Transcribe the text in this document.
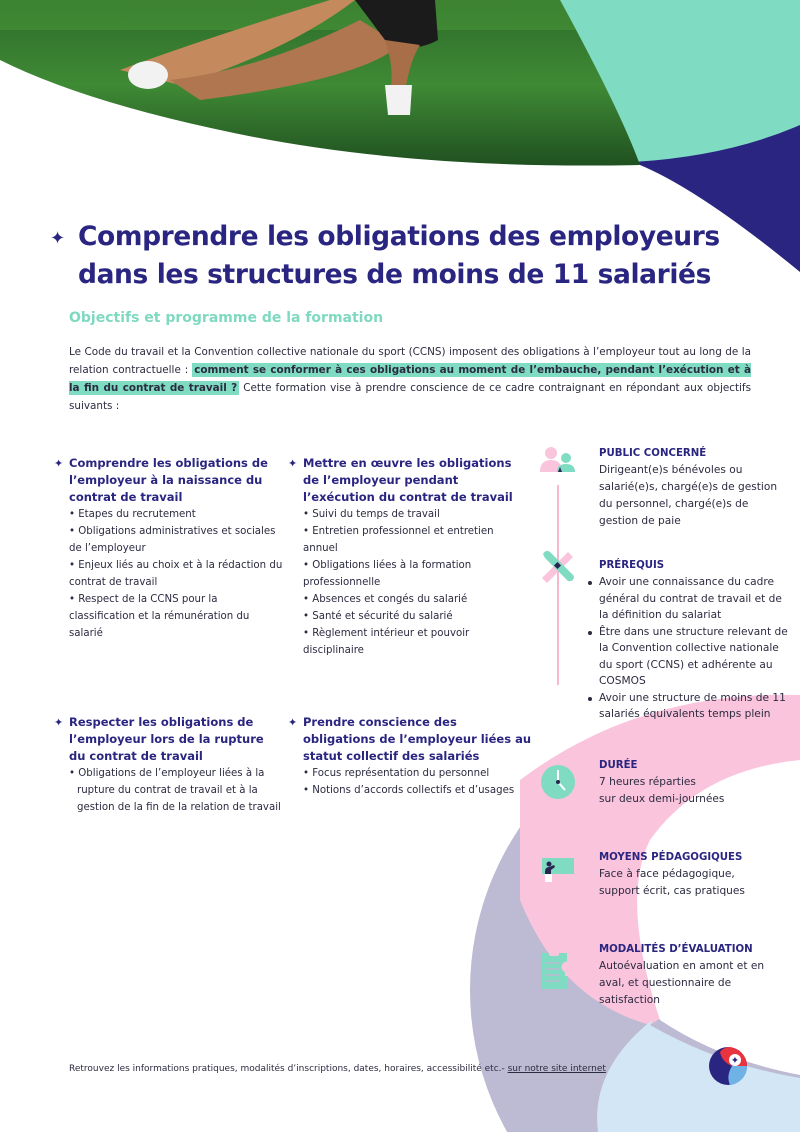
✦ Comprendre les obligations des employeurs
dans les structures de moins de 11 salariés
Objectifs et programme de la formation

Le Code du travail et la Convention collective nationale du sport (CCNS) imposent des obligations à l’employeur tout au long de la relation contractuelle : comment se conformer à ces obligations au moment de l’embauche, pendant l’exécution et à la fin du contrat de travail ? Cette formation vise à prendre conscience de ce cadre contraignant en répondant aux objectifs suivants :

✦ Comprendre les obligations de l’employeur à la naissance du contrat de travail
• Etapes du recrutement
• Obligations administratives et sociales de l’employeur
• Enjeux liés au choix et à la rédaction du contrat de travail
• Respect de la CCNS pour la classification et la rémunération du salarié
✦ Mettre en œuvre les obligations de l’employeur pendant l’exécution du contrat de travail
• Suivi du temps de travail
• Entretien professionnel et entretien annuel
• Obligations liées à la formation professionnelle
• Absences et congés du salarié
• Santé et sécurité du salarié
• Règlement intérieur et pouvoir disciplinaire
✦ Respecter les obligations de l’employeur lors de la rupture du contrat de travail
• Obligations de l’employeur liées à la rupture du contrat de travail et à la gestion de la fin de la relation de travail
✦ Prendre conscience des obligations de l’employeur liées au statut collectif des salariés
• Focus représentation du personnel
• Notions d’accords collectifs et d’usages
PUBLIC CONCERNÉ
Dirigeant(e)s bénévoles ou salarié(e)s, chargé(e)s de gestion du personnel, chargé(e)s de gestion de paie
PRÉREQUIS
Avoir une connaissance du cadre général du contrat de travail et de la définition du salariat
Être dans une structure relevant de la Convention collective nationale du sport (CCNS) et adhérente au COSMOS
Avoir une structure de moins de 11 salariés équivalents temps plein
DURÉE
7 heures réparties
sur deux demi-journées
MOYENS PÉDAGOGIQUES
Face à face pédagogique,
support écrit, cas pratiques
MODALITÉS D’ÉVALUATION
Autoévaluation en amont et en aval, et questionnaire de satisfaction
Retrouvez les informations pratiques, modalités d’inscriptions, dates, horaires, accessibilité etc.- sur notre site internet
✦
